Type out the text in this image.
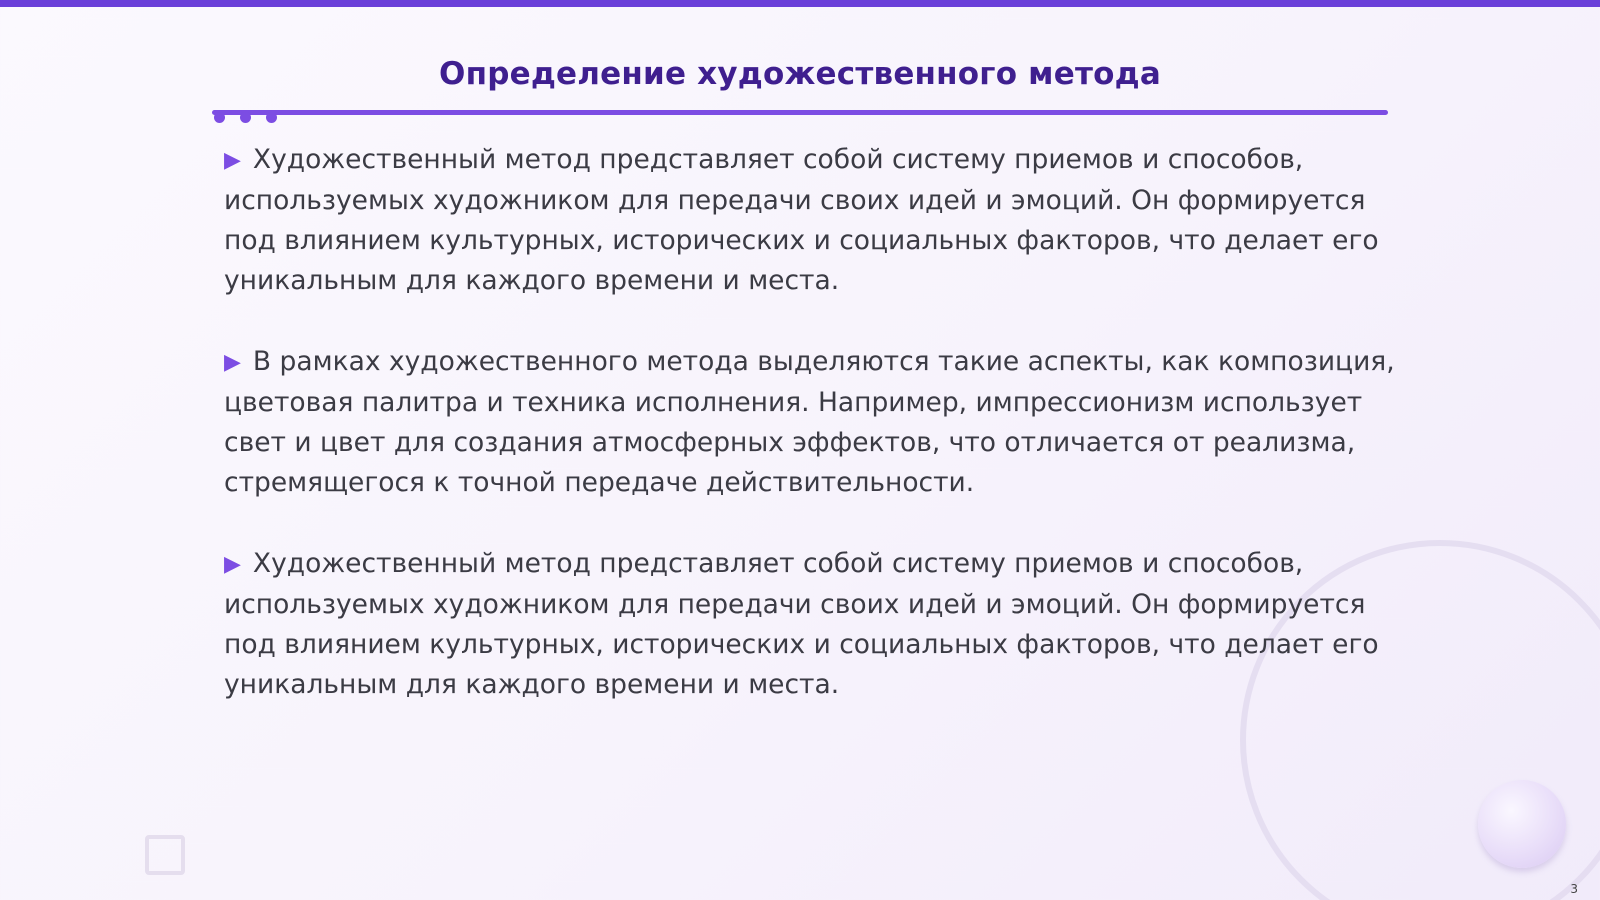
Определение художественного метода

▶ Художественный метод представляет собой систему приемов и способов, используемых художником для передачи своих идей и эмоций. Он формируется под влиянием культурных, исторических и социальных факторов, что делает его уникальным для каждого времени и места.

▶ В рамках художественного метода выделяются такие аспекты, как композиция, цветовая палитра и техника исполнения. Например, импрессионизм использует свет и цвет для создания атмосферных эффектов, что отличается от реализма, стремящегося к точной передаче действительности.

▶ Художественный метод представляет собой систему приемов и способов, используемых художником для передачи своих идей и эмоций. Он формируется под влиянием культурных, исторических и социальных факторов, что делает его уникальным для каждого времени и места.

3
